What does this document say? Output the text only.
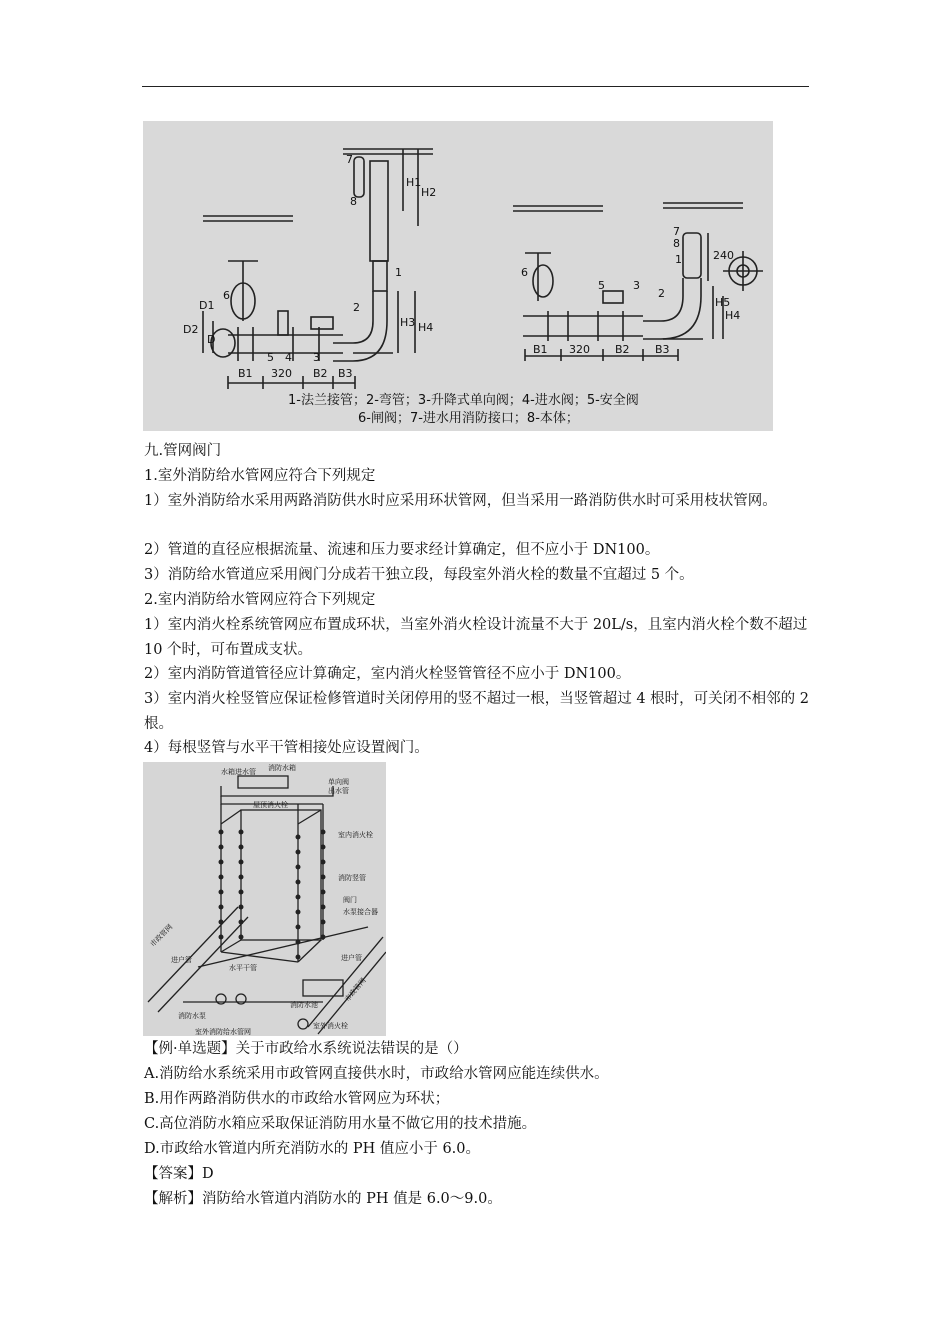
7
8
1
2
3
4
5
6
B1 320 B2 B3
H1
H2
H3 H4
D1
D2
D
B1 320 B2 B3
240
H5
H4
7
8
1
2
3
5
6
1-法兰接管；2-弯管；3-升降式单向阀；4-进水阀；5-安全阀
6-闸阀；7-进水用消防接口；8-本体；
九.管网阀门
1.室外消防给水管网应符合下列规定
1）室外消防给水采用两路消防供水时应采用环状管网，但当采用一路消防供水时可采用枝状管网。
2）管道的直径应根据流量、流速和压力要求经计算确定，但不应小于 DN100。
3）消防给水管道应采用阀门分成若干独立段，每段室外消火栓的数量不宜超过 5 个。
2.室内消防给水管网应符合下列规定
1）室内消火栓系统管网应布置成环状，当室外消火栓设计流量不大于 20L/s，且室内消火栓个数不超过 10 个时，可布置成支状。
2）室内消防管道管径应计算确定，室内消火栓竖管管径不应小于 DN100。
3）室内消火栓竖管应保证检修管道时关闭停用的竖不超过一根，当竖管超过 4 根时，可关闭不相邻的 2 根。
4）每根竖管与水平干管相接处应设置阀门。
水箱进水管 消防水箱
单向阀
出水管
屋顶消火栓
室内消火栓
消防竖管
阀门
水泵接合器
进户管
市政管网
水平干管
进户管
市政管网
消防水泵
消防水池
室外消防给水管网
室外消火栓
【例·单选题】关于市政给水系统说法错误的是（）
A.消防给水系统采用市政管网直接供水时，市政给水管网应能连续供水。
B.用作两路消防供水的市政给水管网应为环状；
C.高位消防水箱应采取保证消防用水量不做它用的技术措施。
D.市政给水管道内所充消防水的 PH 值应小于 6.0。
【答案】D
【解析】消防给水管道内消防水的 PH 值是 6.0～9.0。
